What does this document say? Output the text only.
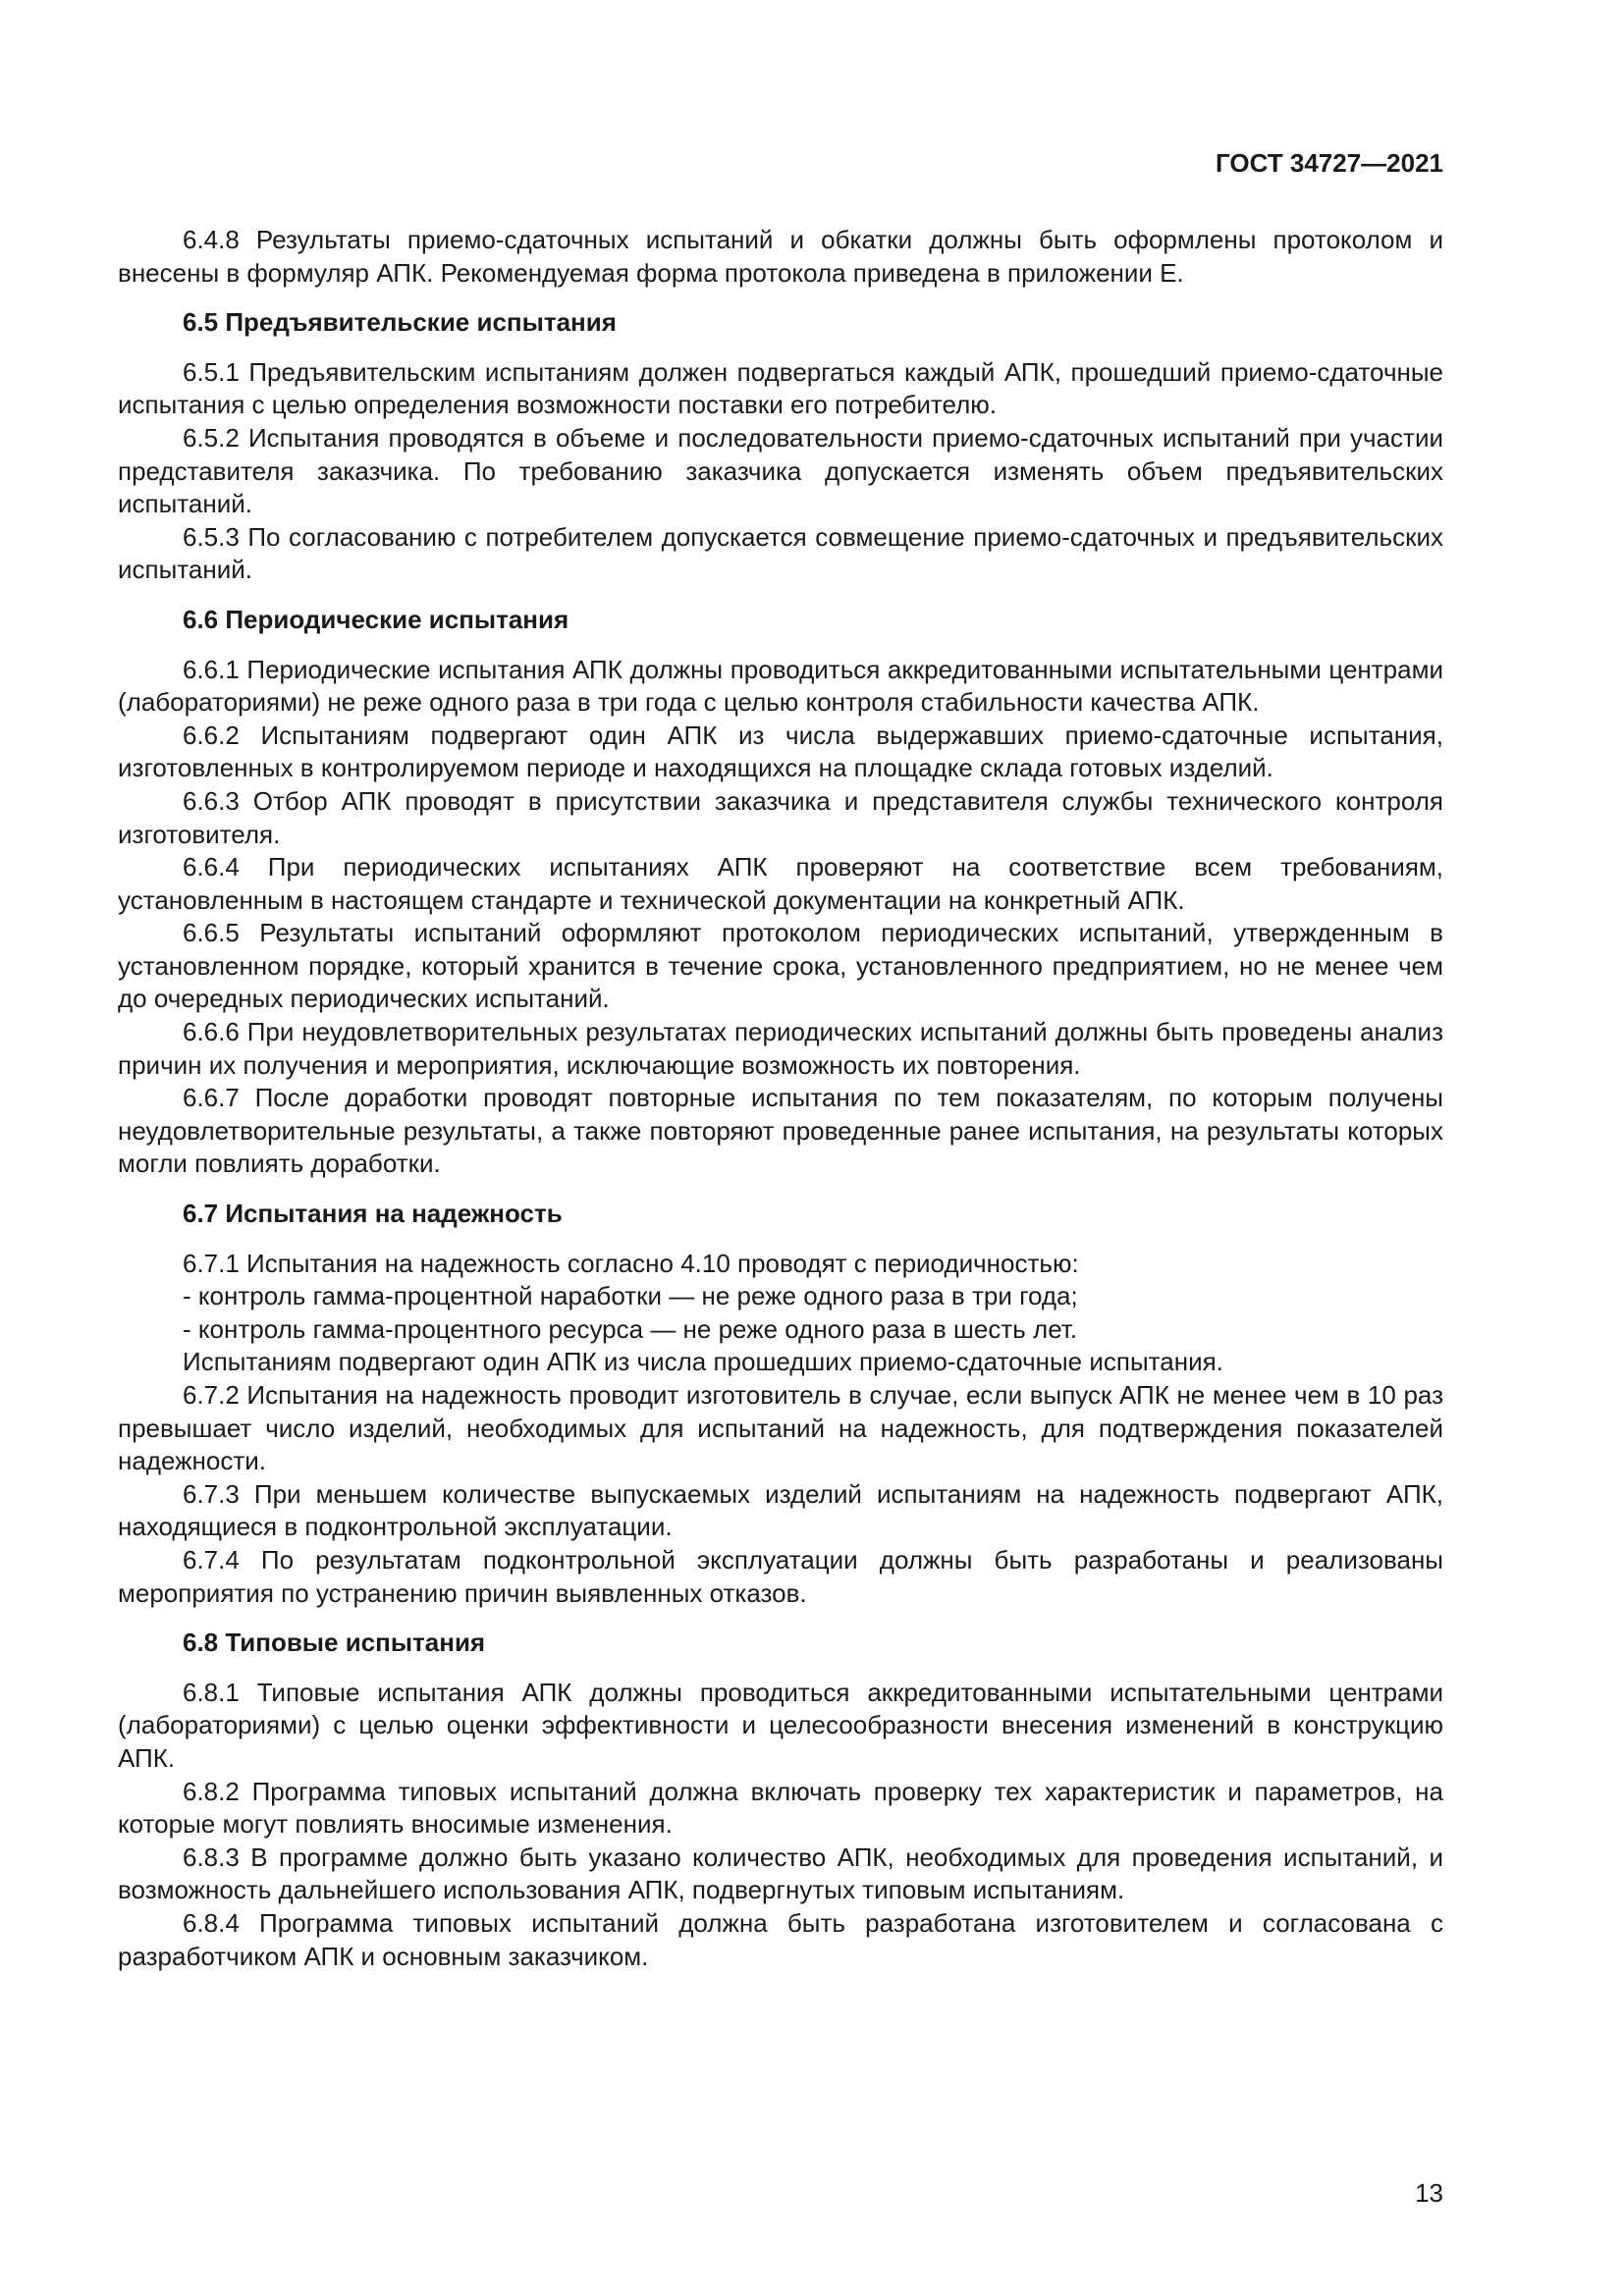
ГОСТ 34727—2021

6.4.8 Результаты приемо-сдаточных испытаний и обкатки должны быть оформлены протоколом и внесены в формуляр АПК. Рекомендуемая форма протокола приведена в приложении Е.

6.5 Предъявительские испытания

6.5.1 Предъявительским испытаниям должен подвергаться каждый АПК, прошедший приемо-сдаточные испытания с целью определения возможности поставки его потребителю.

6.5.2 Испытания проводятся в объеме и последовательности приемо-сдаточных испытаний при участии представителя заказчика. По требованию заказчика допускается изменять объем предъявительских испытаний.

6.5.3 По согласованию с потребителем допускается совмещение приемо-сдаточных и предъявительских испытаний.

6.6 Периодические испытания

6.6.1 Периодические испытания АПК должны проводиться аккредитованными испытательными центрами (лабораториями) не реже одного раза в три года с целью контроля стабильности качества АПК.

6.6.2 Испытаниям подвергают один АПК из числа выдержавших приемо-сдаточные испытания, изготовленных в контролируемом периоде и находящихся на площадке склада готовых изделий.

6.6.3 Отбор АПК проводят в присутствии заказчика и представителя службы технического контроля изготовителя.

6.6.4 При периодических испытаниях АПК проверяют на соответствие всем требованиям, установленным в настоящем стандарте и технической документации на конкретный АПК.

6.6.5 Результаты испытаний оформляют протоколом периодических испытаний, утвержденным в установленном порядке, который хранится в течение срока, установленного предприятием, но не менее чем до очередных периодических испытаний.

6.6.6 При неудовлетворительных результатах периодических испытаний должны быть проведены анализ причин их получения и мероприятия, исключающие возможность их повторения.

6.6.7 После доработки проводят повторные испытания по тем показателям, по которым получены неудовлетворительные результаты, а также повторяют проведенные ранее испытания, на результаты которых могли повлиять доработки.

6.7 Испытания на надежность

6.7.1 Испытания на надежность согласно 4.10 проводят с периодичностью:

- контроль гамма-процентной наработки — не реже одного раза в три года;

- контроль гамма-процентного ресурса — не реже одного раза в шесть лет.

Испытаниям подвергают один АПК из числа прошедших приемо-сдаточные испытания.

6.7.2 Испытания на надежность проводит изготовитель в случае, если выпуск АПК не менее чем в 10 раз превышает число изделий, необходимых для испытаний на надежность, для подтверждения показателей надежности.

6.7.3 При меньшем количестве выпускаемых изделий испытаниям на надежность подвергают АПК, находящиеся в подконтрольной эксплуатации.

6.7.4 По результатам подконтрольной эксплуатации должны быть разработаны и реализованы мероприятия по устранению причин выявленных отказов.

6.8 Типовые испытания

6.8.1 Типовые испытания АПК должны проводиться аккредитованными испытательными центрами (лабораториями) с целью оценки эффективности и целесообразности внесения изменений в конструкцию АПК.

6.8.2 Программа типовых испытаний должна включать проверку тех характеристик и параметров, на которые могут повлиять вносимые изменения.

6.8.3 В программе должно быть указано количество АПК, необходимых для проведения испытаний, и возможность дальнейшего использования АПК, подвергнутых типовым испытаниям.

6.8.4 Программа типовых испытаний должна быть разработана изготовителем и согласована с разработчиком АПК и основным заказчиком.

13
